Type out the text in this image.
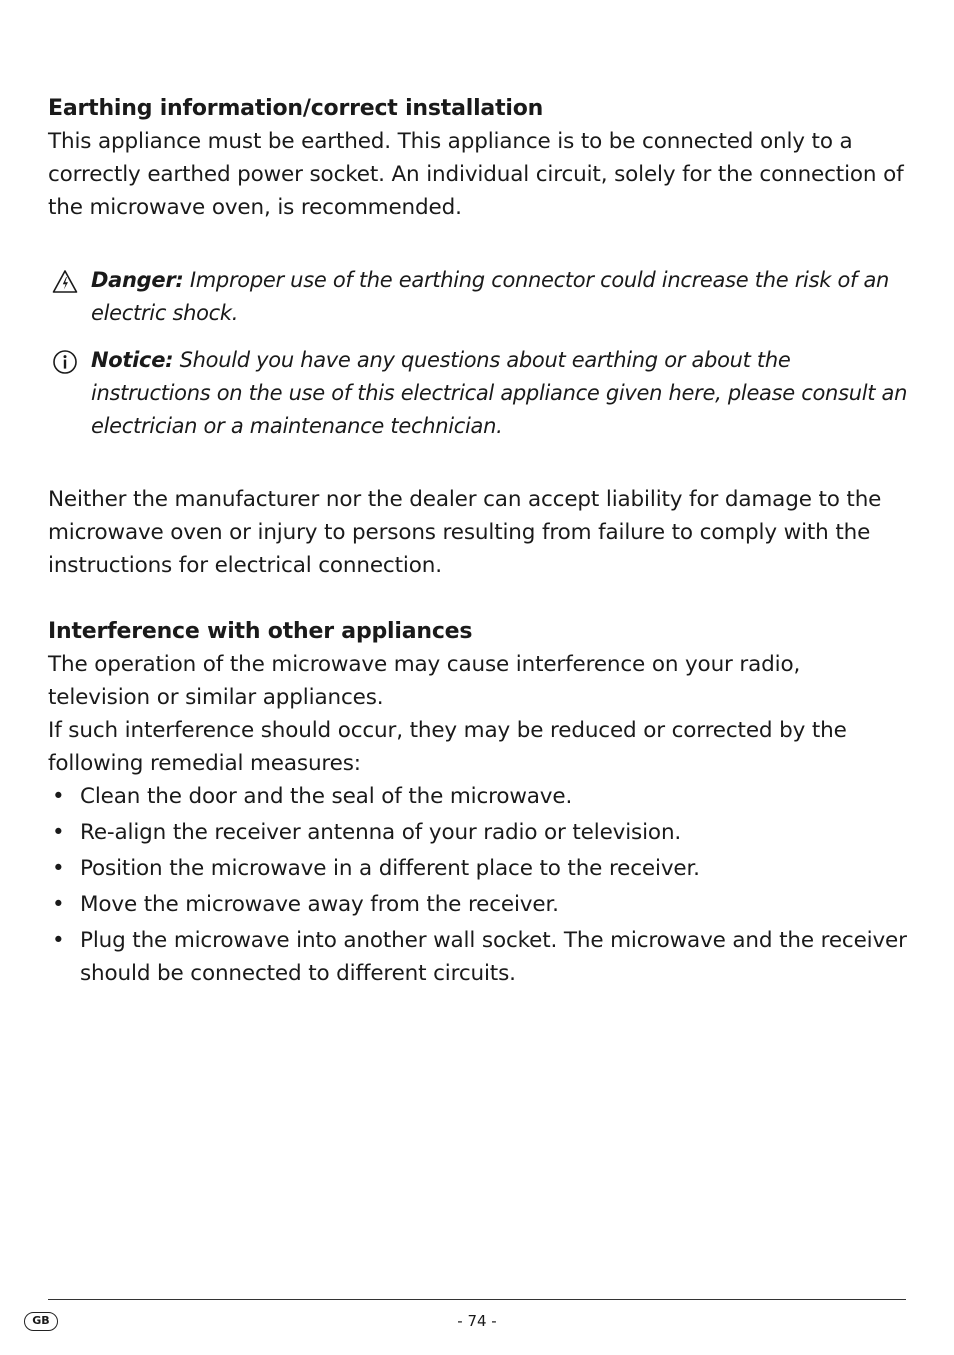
Earthing information/correct installation

This appliance must be earthed. This appliance is to be connected only to a correctly earthed power socket. An individual circuit, solely for the connection of the microwave oven, is recommended.

Danger: Improper use of the earthing connector could increase the risk of an electric shock.
Notice: Should you have any questions about earthing or about the instructions on the use of this electrical appliance given here, please consult an electrician or a maintenance technician.

Neither the manufacturer nor the dealer can accept liability for damage to the microwave oven or injury to persons resulting from failure to comply with the instructions for electrical connection.

Interference with other appliances

The operation of the microwave may cause interference on your radio, television or similar appliances.

If such interference should occur, they may be reduced or corrected by the following remedial measures:

• Clean the door and the seal of the microwave.
• Re-align the receiver antenna of your radio or television.
• Position the microwave in a different place to the receiver.
• Move the microwave away from the receiver.
• Plug the microwave into another wall socket. The microwave and the receiver should be connected to different circuits.
GB	- 74 -
